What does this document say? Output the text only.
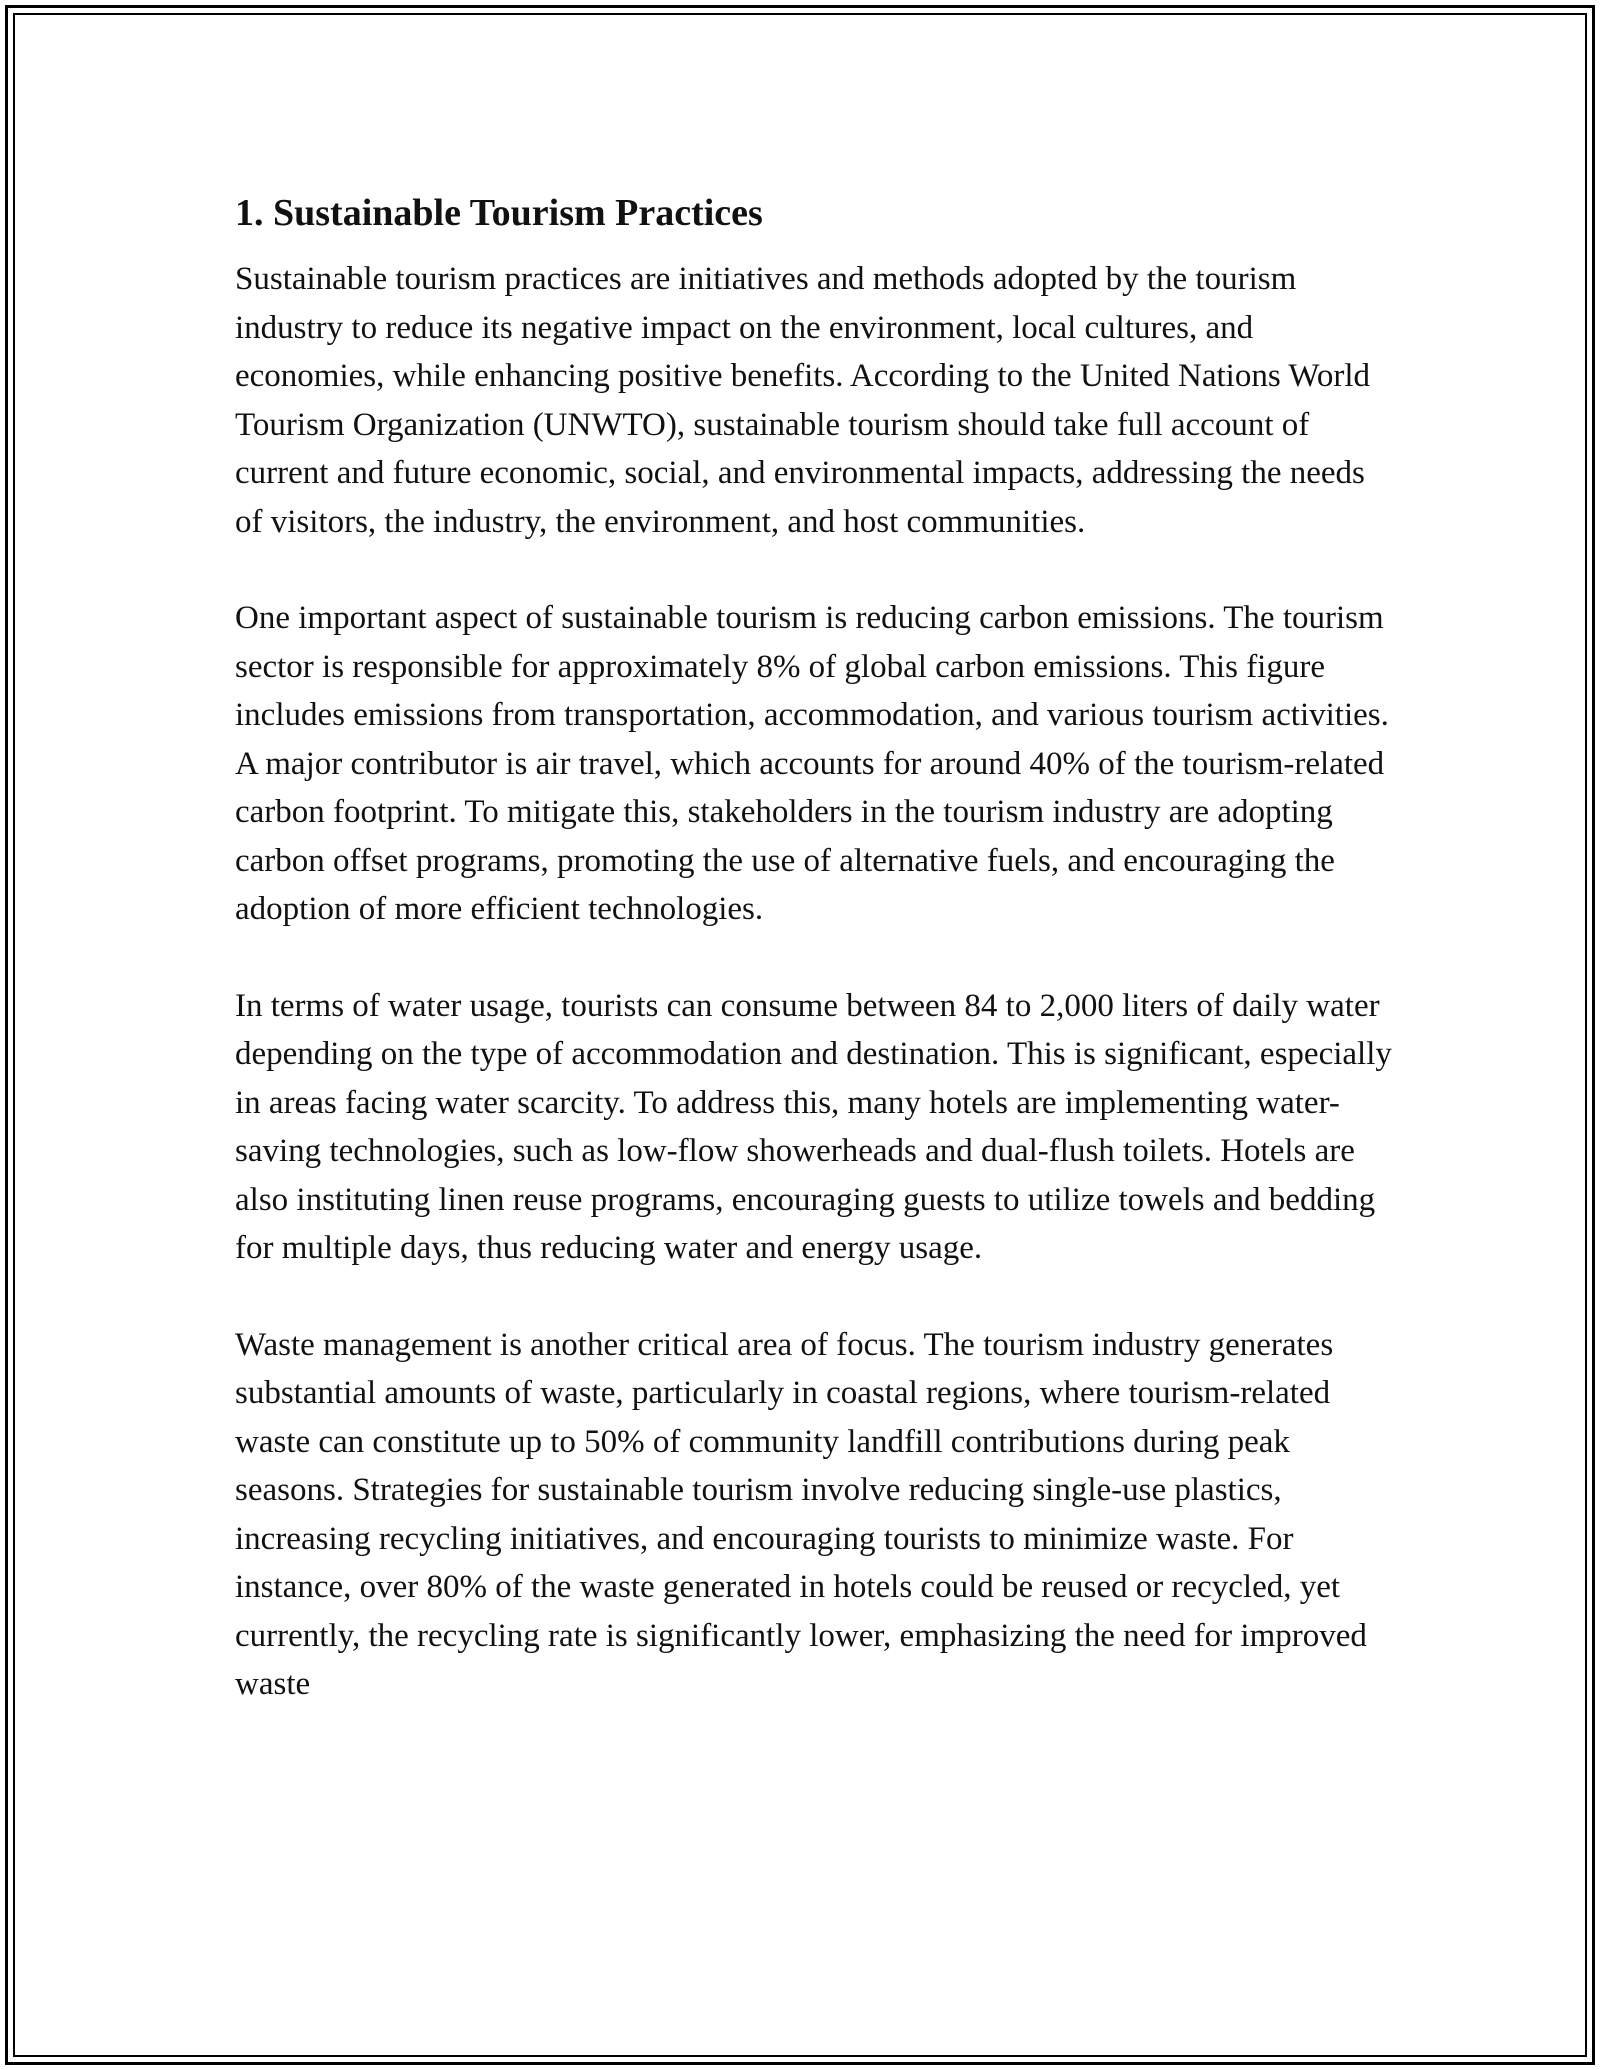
1. Sustainable Tourism Practices

Sustainable tourism practices are initiatives and methods adopted by the tourism industry to reduce its negative impact on the environment, local cultures, and economies, while enhancing positive benefits. According to the United Nations World Tourism Organization (UNWTO), sustainable tourism should take full account of current and future economic, social, and environmental impacts, addressing the needs of visitors, the industry, the environment, and host communities.

One important aspect of sustainable tourism is reducing carbon emissions. The tourism sector is responsible for approximately 8% of global carbon emissions. This figure includes emissions from transportation, accommodation, and various tourism activities. A major contributor is air travel, which accounts for around 40% of the tourism-related carbon footprint. To mitigate this, stakeholders in the tourism industry are adopting carbon offset programs, promoting the use of alternative fuels, and encouraging the adoption of more efficient technologies.

In terms of water usage, tourists can consume between 84 to 2,000 liters of daily water depending on the type of accommodation and destination. This is significant, especially in areas facing water scarcity. To address this, many hotels are implementing water-saving technologies, such as low-flow showerheads and dual-flush toilets. Hotels are also instituting linen reuse programs, encouraging guests to utilize towels and bedding for multiple days, thus reducing water and energy usage.

Waste management is another critical area of focus. The tourism industry generates substantial amounts of waste, particularly in coastal regions, where tourism-related waste can constitute up to 50% of community landfill contributions during peak seasons. Strategies for sustainable tourism involve reducing single-use plastics, increasing recycling initiatives, and encouraging tourists to minimize waste. For instance, over 80% of the waste generated in hotels could be reused or recycled, yet currently, the recycling rate is significantly lower, emphasizing the need for improved waste
